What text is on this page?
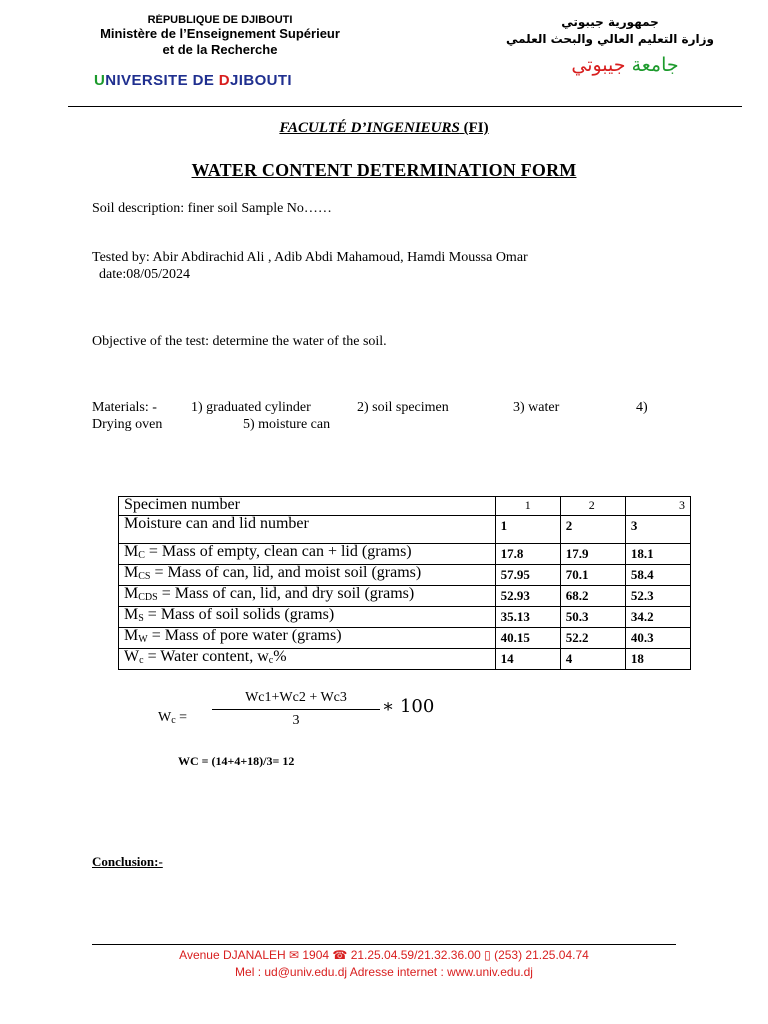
RÉPUBLIQUE DE DJIBOUTI
Ministère de l’Enseignement Supérieur
et de la Recherche
UNIVERSITE DE DJIBOUTI
جمهورية جيبوتي
وزارة التعليم العالي والبحث العلمي
جامعة جيبوتي
FACULTÉ D’INGENIEURS (FI)
WATER CONTENT DETERMINATION FORM
Soil description: finer soil Sample No……
Tested by: Abir Abdirachid Ali , Adib Abdi Mahamoud, Hamdi Moussa Omar
date:08/05/2024
Objective of the test: determine the water of the soil.
Materials: - 1) graduated cylinder	2) soil specimen	3) water	4)
Drying oven	5) moisture can
Specimen number	1	2	3
Moisture can and lid number	1	2	3
$M_C$ = Mass of empty, clean can + lid (grams)	17.8	17.9	18.1
$M_{CS}$ = Mass of can, lid, and moist soil (grams)	57.95	70.1	58.4
$M_{CDS}$ = Mass of can, lid, and dry soil (grams)	52.93	68.2	52.3
$M_S$ = Mass of soil solids (grams)	35.13	50.3	34.2
$M_W$ = Mass of pore water (grams)	40.15	52.2	40.3
$W_c$ = Water content, $w_c\%$	14	4	18
$W_c = \frac{Wc1+Wc2 + Wc3}{3}$ ∗ 100
WC = (14+4+18)/3= 12
Conclusion:-
Avenue DJANALEH ✉ 1904 ☎ 21.25.04.59/21.32.36.00 ▯ (253) 21.25.04.74
Mel : ud@univ.edu.dj Adresse internet : www.univ.edu.dj
